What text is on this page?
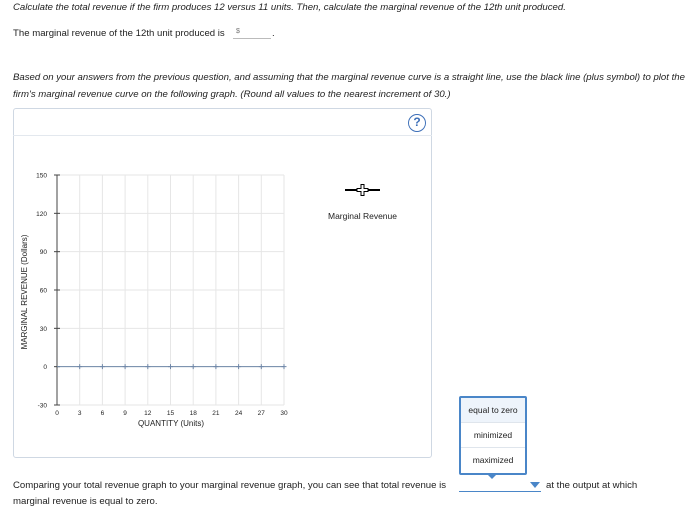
Calculate the total revenue if the firm produces 12 versus 11 units. Then, calculate the marginal revenue of the 12th unit produced.
The marginal revenue of the 12th unit produced is
$	.
Based on your answers from the previous question, and assuming that the marginal revenue curve is a straight line, use the black line (plus symbol) to plot the firm's marginal revenue curve on the following graph. (Round all values to the nearest increment of 30.)
?
-30
0
30
60
90
120
150
0	3	6	9	12 15 18 21 24 27 30
QUANTITY (Units)
MARGINAL REVENUE (Dollars)
Marginal Revenue
equal to zero
minimized
maximized
Comparing your total revenue graph to your marginal revenue graph, you can see that total revenue is	at the output at which
marginal revenue is equal to zero.
